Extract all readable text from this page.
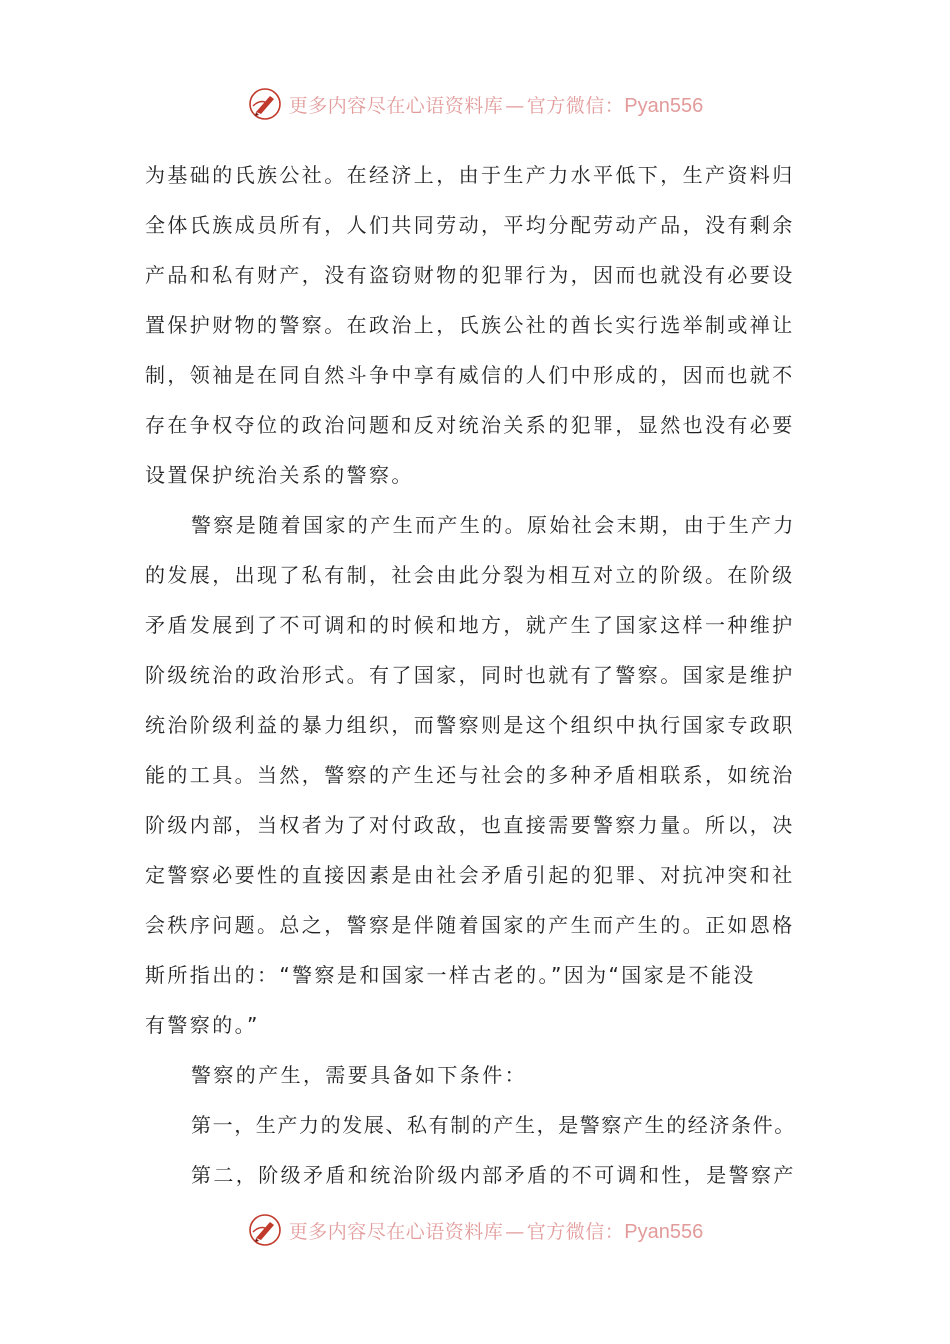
更多内容尽在心语资料库 — 官方微信：Pyan556
为基础的氏族公社。在经济上，由于生产力水平低下，生产资料归
全体氏族成员所有，人们共同劳动，平均分配劳动产品，没有剩余
产品和私有财产，没有盗窃财物的犯罪行为，因而也就没有必要设
置保护财物的警察。在政治上，氏族公社的酋长实行选举制或禅让
制，领袖是在同自然斗争中享有威信的人们中形成的，因而也就不
存在争权夺位的政治问题和反对统治关系的犯罪，显然也没有必要
设置保护统治关系的警察。
警察是随着国家的产生而产生的。原始社会末期，由于生产力
的发展，出现了私有制，社会由此分裂为相互对立的阶级。在阶级
矛盾发展到了不可调和的时候和地方，就产生了国家这样一种维护
阶级统治的政治形式。有了国家，同时也就有了警察。国家是维护
统治阶级利益的暴力组织，而警察则是这个组织中执行国家专政职
能的工具。当然，警察的产生还与社会的多种矛盾相联系，如统治
阶级内部，当权者为了对付政敌，也直接需要警察力量。所以，决
定警察必要性的直接因素是由社会矛盾引起的犯罪、对抗冲突和社
会秩序问题。总之，警察是伴随着国家的产生而产生的。正如恩格
斯所指出的：“警察是和国家一样古老的。”因为“国家是不能没
有警察的。”
警察的产生，需要具备如下条件：
第一，生产力的发展、私有制的产生，是警察产生的经济条件。
第二，阶级矛盾和统治阶级内部矛盾的不可调和性，是警察产
更多内容尽在心语资料库 — 官方微信：Pyan556
